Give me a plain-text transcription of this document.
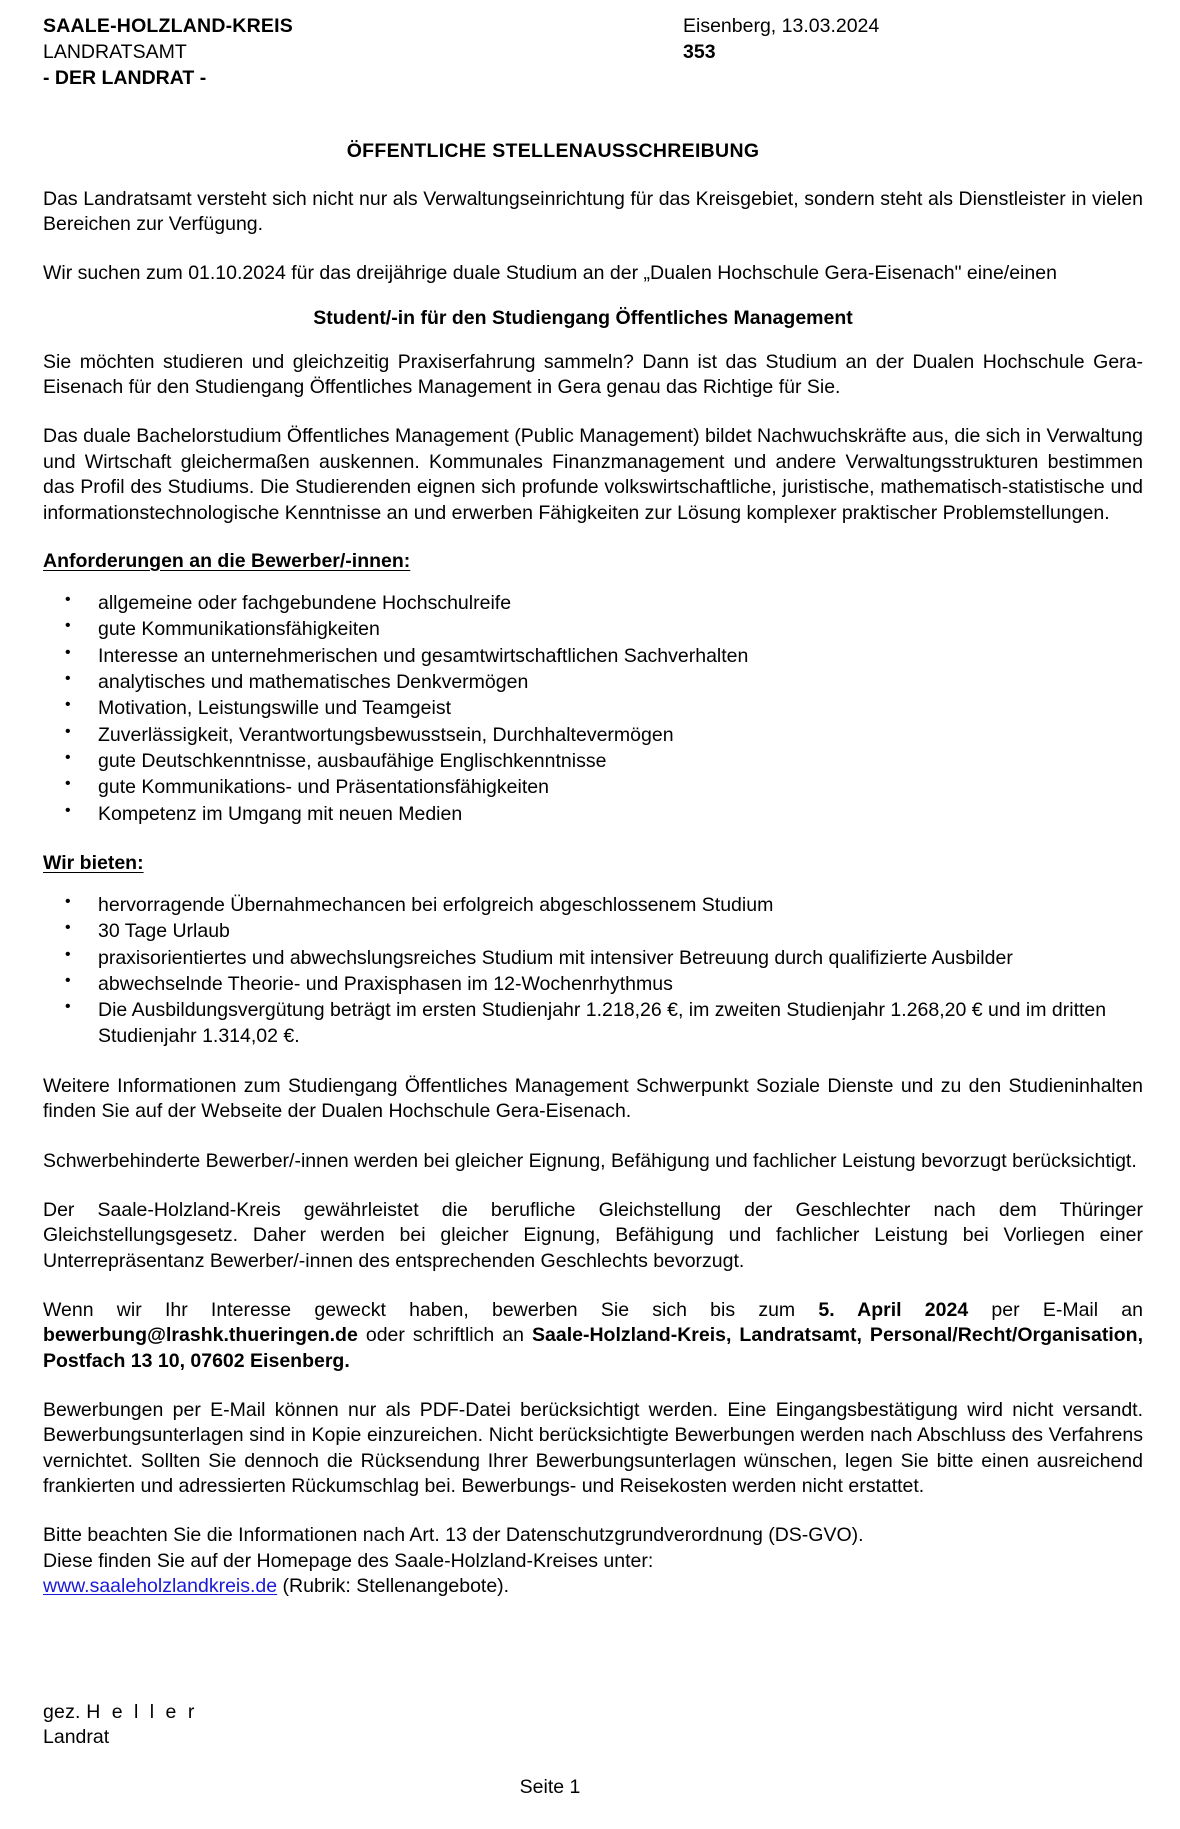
SAALE-HOLZLAND-KREIS
LANDRATSAMT
- DER LANDRAT -
Eisenberg, 13.03.2024
353
ÖFFENTLICHE STELLENAUSSCHREIBUNG

Das Landratsamt versteht sich nicht nur als Verwaltungseinrichtung für das Kreisgebiet, sondern steht als Dienstleister in vielen Bereichen zur Verfügung.

Wir suchen zum 01.10.2024 für das dreijährige duale Studium an der „Dualen Hochschule Gera-Eisenach" eine/einen

Student/-in für den Studiengang Öffentliches Management

Sie möchten studieren und gleichzeitig Praxiserfahrung sammeln? Dann ist das Studium an der Dualen Hochschule Gera-Eisenach für den Studiengang Öffentliches Management in Gera genau das Richtige für Sie.

Das duale Bachelorstudium Öffentliches Management (Public Management) bildet Nachwuchskräfte aus, die sich in Verwaltung und Wirtschaft gleichermaßen auskennen. Kommunales Finanzmanagement und andere Verwaltungsstrukturen bestimmen das Profil des Studiums. Die Studierenden eignen sich profunde volkswirtschaftliche, juristische, mathematisch-statistische und informationstechnologische Kenntnisse an und erwerben Fähigkeiten zur Lösung komplexer praktischer Problemstellungen.

Anforderungen an die Bewerber/-innen:
• allgemeine oder fachgebundene Hochschulreife
• gute Kommunikationsfähigkeiten
• Interesse an unternehmerischen und gesamtwirtschaftlichen Sachverhalten
• analytisches und mathematisches Denkvermögen
• Motivation, Leistungswille und Teamgeist
• Zuverlässigkeit, Verantwortungsbewusstsein, Durchhaltevermögen
• gute Deutschkenntnisse, ausbaufähige Englischkenntnisse
• gute Kommunikations- und Präsentationsfähigkeiten
• Kompetenz im Umgang mit neuen Medien
Wir bieten:
• hervorragende Übernahmechancen bei erfolgreich abgeschlossenem Studium
• 30 Tage Urlaub
• praxisorientiertes und abwechslungsreiches Studium mit intensiver Betreuung durch qualifizierte Ausbilder
• abwechselnde Theorie- und Praxisphasen im 12-Wochenrhythmus
• Die Ausbildungsvergütung beträgt im ersten Studienjahr 1.218,26 €, im zweiten Studienjahr 1.268,20 € und im dritten Studienjahr 1.314,02 €.

Weitere Informationen zum Studiengang Öffentliches Management Schwerpunkt Soziale Dienste und zu den Studieninhalten finden Sie auf der Webseite der Dualen Hochschule Gera-Eisenach.

Schwerbehinderte Bewerber/-innen werden bei gleicher Eignung, Befähigung und fachlicher Leistung bevorzugt berücksichtigt.

Der Saale-Holzland-Kreis gewährleistet die berufliche Gleichstellung der Geschlechter nach dem Thüringer Gleichstellungsgesetz. Daher werden bei gleicher Eignung, Befähigung und fachlicher Leistung bei Vorliegen einer Unterrepräsentanz Bewerber/-innen des entsprechenden Geschlechts bevorzugt.

Wenn wir Ihr Interesse geweckt haben, bewerben Sie sich bis zum 5. April 2024 per E-Mail an bewerbung@lrashk.thueringen.de oder schriftlich an Saale-Holzland-Kreis, Landratsamt, Personal/Recht/Organisation, Postfach 13 10, 07602 Eisenberg.

Bewerbungen per E-Mail können nur als PDF-Datei berücksichtigt werden. Eine Eingangsbestätigung wird nicht versandt. Bewerbungsunterlagen sind in Kopie einzureichen. Nicht berücksichtigte Bewerbungen werden nach Abschluss des Verfahrens vernichtet. Sollten Sie dennoch die Rücksendung Ihrer Bewerbungsunterlagen wünschen, legen Sie bitte einen ausreichend frankierten und adressierten Rückumschlag bei. Bewerbungs- und Reisekosten werden nicht erstattet.

Bitte beachten Sie die Informationen nach Art. 13 der Datenschutzgrundverordnung (DS-GVO).

Diese finden Sie auf der Homepage des Saale-Holzland-Kreises unter:

www.saaleholzlandkreis.de (Rubrik: Stellenangebote).

gez. H e l l e r
Landrat
Seite 1
